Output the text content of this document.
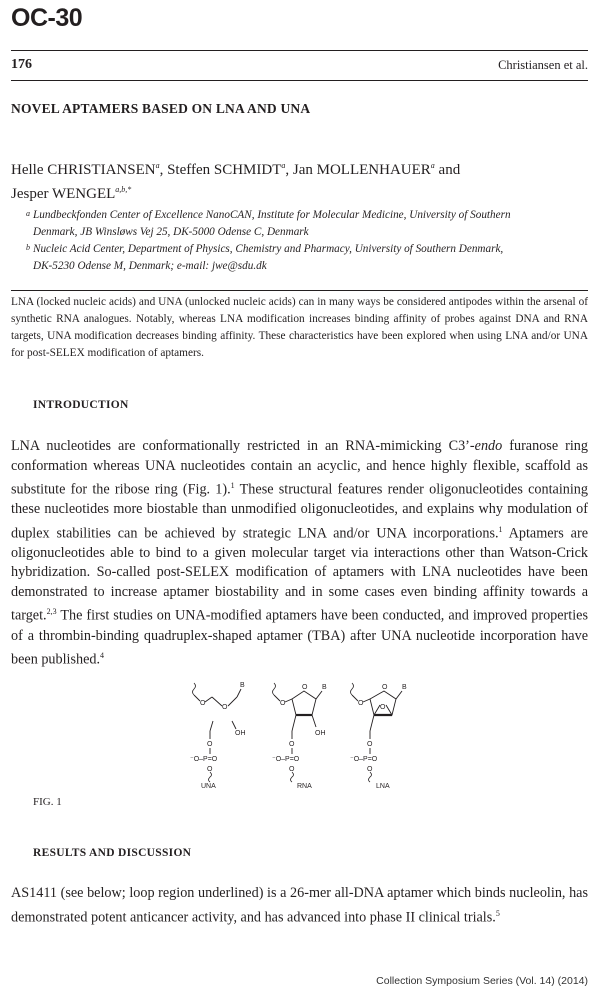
OC-30
176	Christiansen et al.
NOVEL APTAMERS BASED ON LNA AND UNA
Helle CHRISTIANSEN$^a$, Steffen SCHMIDT$^a$, Jan MOLLENHAUER$^a$ and
Jesper $WENGEL^{a,b,*}$
a Lundbeckfonden Center of Excellence NanoCAN, Institute for Molecular Medicine, University of Southern
Denmark, JB Winsløws Vej 25, DK-5000 Odense C, Denmark
b Nucleic Acid Center, Department of Physics, Chemistry and Pharmacy, University of Southern Denmark,
DK-5230 Odense M, Denmark; e-mail: jwe@sdu.dk
LNA (locked nucleic acids) and UNA (unlocked nucleic acids) can in many ways be considered antipodes within the arsenal of synthetic RNA analogues. Notably, whereas LNA modification increases binding affinity of probes against DNA and RNA targets, UNA modification decreases binding affinity. These characteristics have been explored when using LNA and/or UNA for post-SELEX modification of aptamers.
INTRODUCTION
LNA nucleotides are conformationally restricted in an RNA-mimicking C3’-endo furanose ring conformation whereas UNA nucleotides contain an acyclic, and hence highly flexible, scaffold as substitute for the ribose ring (Fig. 1).$^1$ These structural features render oligonucleotides containing these nucleotides more biostable than unmodified oligonucleotides, and explains why modulation of duplex stabilities can be achieved by strategic LNA and/or UNA incorporations.$^1$ Aptamers are oligonucleotides able to bind to a given molecular target via interactions other than Watson-Crick hybridization. So-called post-SELEX modification of aptamers with LNA nucleotides have been demonstrated to increase aptamer biostability and in some cases even binding affinity towards a target.$^{2,3}$ The first studies on UNA-modified aptamers have been conducted, and improved properties of a thrombin-binding quadruplex-shaped aptamer (TBA) after UNA nucleotide incorporation have been published.$^4$
O
O
B
OH
O
⁻O–P=O
O
UNA
O
O B
OH
O
⁻O–P=O
O
RNA
O
O
O
B
O
⁻O–P=O
O
LNA
FIG. 1
RESULTS AND DISCUSSION
AS1411 (see below; loop region underlined) is a 26-mer all-DNA aptamer which binds nucleolin, has demonstrated potent anticancer activity, and has advanced into phase II clinical trials.$^5$
Collection Symposium Series (Vol. 14) (2014)
